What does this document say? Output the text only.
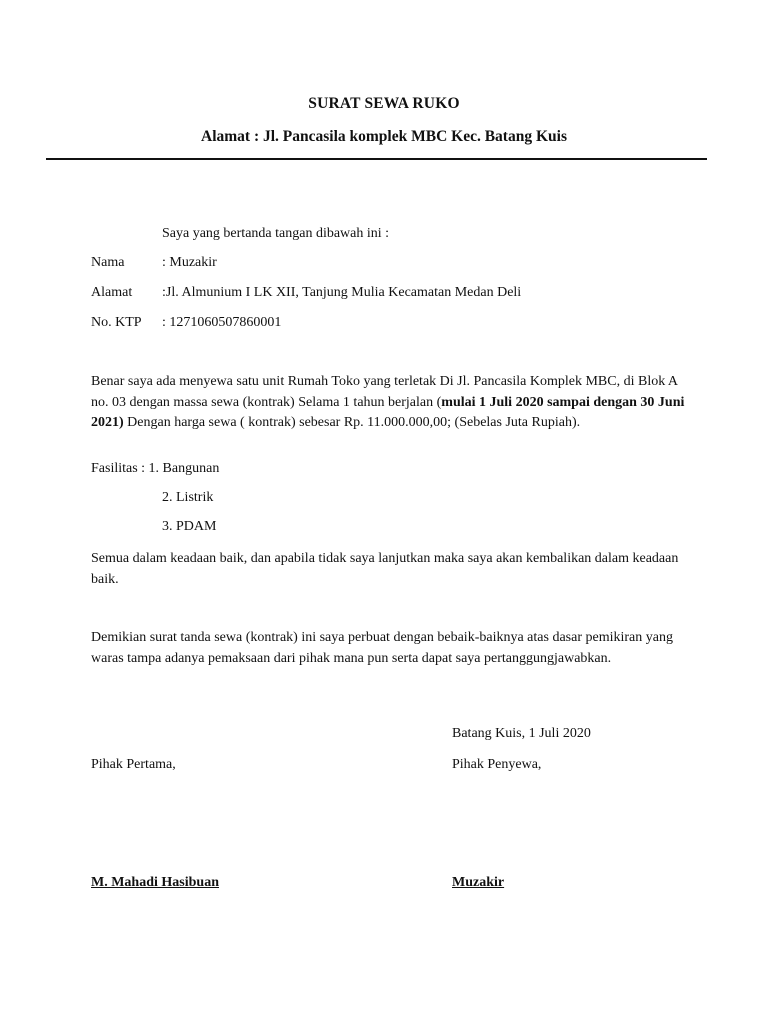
SURAT SEWA RUKO
Alamat : Jl. Pancasila komplek MBC Kec. Batang Kuis
Saya yang bertanda tangan dibawah ini :
Nama	: Muzakir
Alamat :Jl. Almunium I LK XII, Tanjung Mulia Kecamatan Medan Deli
No. KTP : 1271060507860001
Benar saya ada menyewa satu unit Rumah Toko yang terletak Di Jl. Pancasila Komplek MBC, di Blok A no. 03 dengan massa sewa (kontrak) Selama 1 tahun berjalan (mulai 1 Juli 2020 sampai dengan 30 Juni 2021) Dengan harga sewa ( kontrak) sebesar Rp. 11.000.000,00; (Sebelas Juta Rupiah).
Fasilitas : 1. Bangunan
2. Listrik
3. PDAM
Semua dalam keadaan baik, dan apabila tidak saya lanjutkan maka saya akan kembalikan dalam keadaan baik.
Demikian surat tanda sewa (kontrak) ini saya perbuat dengan bebaik-baiknya atas dasar pemikiran yang waras tampa adanya pemaksaan dari pihak mana pun serta dapat saya pertanggungjawabkan.
Batang Kuis, 1 Juli 2020
Pihak Pertama,	Pihak Penyewa,
M. Mahadi Hasibuan	Muzakir
